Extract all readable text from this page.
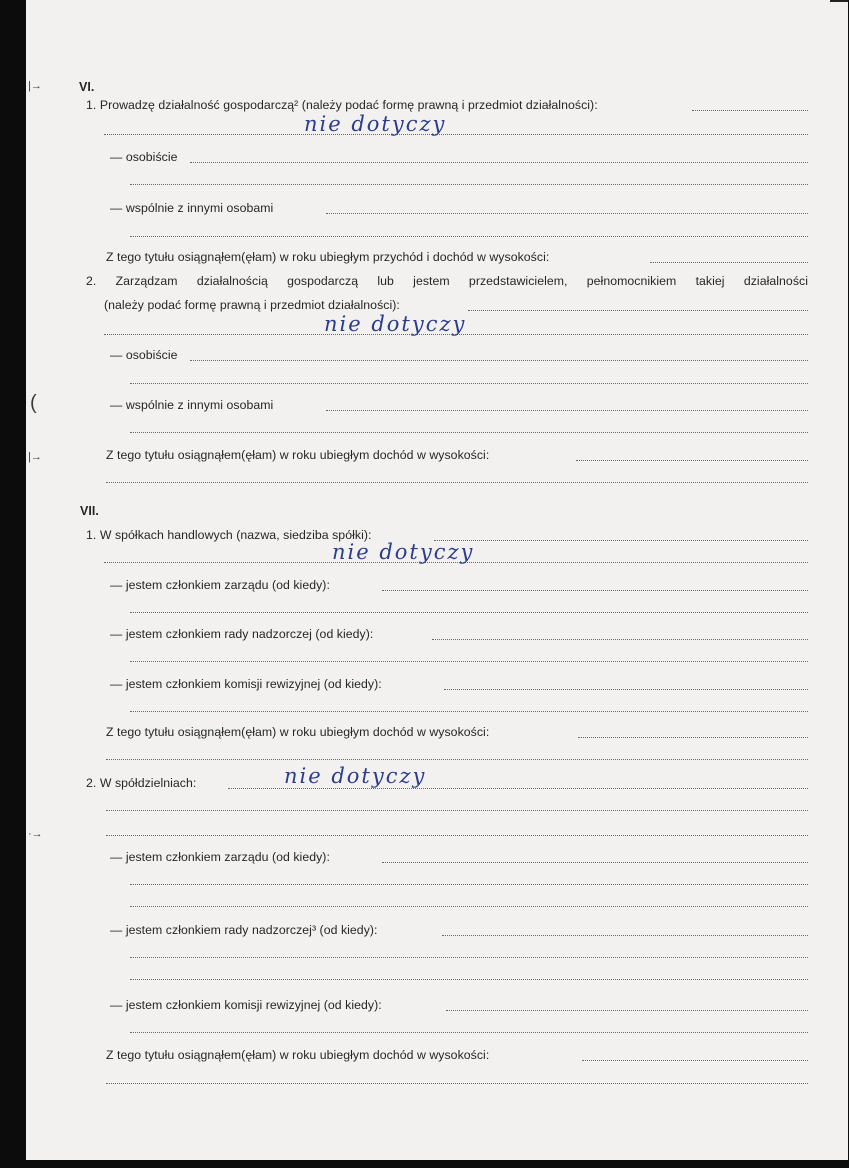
|→
(
|→
·→
VI.
1. Prowadzę działalność gospodarczą² (należy podać formę prawną i przedmiot działalności):
nie dotyczy
— osobiście
— wspólnie z innymi osobami
Z tego tytułu osiągnąłem(ęłam) w roku ubiegłym przychód i dochód w wysokości:
2. Zarządzam działalnością gospodarczą lub jestem przedstawicielem, pełnomocnikiem takiej działalności
(należy podać formę prawną i przedmiot działalności):
nie dotyczy
— osobiście
— wspólnie z innymi osobami
Z tego tytułu osiągnąłem(ęłam) w roku ubiegłym dochód w wysokości:
VII.
1. W spółkach handlowych (nazwa, siedziba spółki):
nie dotyczy
— jestem członkiem zarządu (od kiedy):
— jestem członkiem rady nadzorczej (od kiedy):
— jestem członkiem komisji rewizyjnej (od kiedy):
Z tego tytułu osiągnąłem(ęłam) w roku ubiegłym dochód w wysokości:
2. W spółdzielniach:	nie dotyczy
— jestem członkiem zarządu (od kiedy):
— jestem członkiem rady nadzorczej³ (od kiedy):
— jestem członkiem komisji rewizyjnej (od kiedy):
Z tego tytułu osiągnąłem(ęłam) w roku ubiegłym dochód w wysokości:
